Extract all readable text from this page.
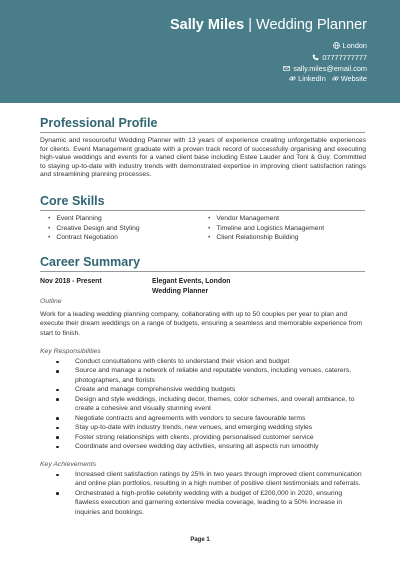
Sally Miles | Wedding Planner
London
07777777777
sally.miles@email.com
LinkedIn Website
Professional Profile
Dynamic and resourceful Wedding Planner with 13 years of experience creating unforgettable experiences for clients. Event Management graduate with a proven track record of successfully organising and executing high-value weddings and events for a varied client base including Estee Lauder and Toni & Guy. Committed to staying up-to-date with industry trends with demonstrated expertise in improving client satisfaction ratings and streamlining planning processes.
Core Skills
• Event Planning
• Creative Design and Styling
• Contract Negotiation
• Vendor Management
• Timeline and Logistics Management
• Client Relationship Building
Career Summary
Nov 2018 - Present	Elegant Events, London
Wedding Planner
Outline
Work for a leading wedding planning company, collaborating with up to 50 couples per year to plan and execute their dream weddings on a range of budgets, ensuring a seamless and memorable experience from start to finish.
Key Responsibilities
Conduct consultations with clients to understand their vision and budget
Source and manage a network of reliable and reputable vendors, including venues, caterers, photographers, and florists
Create and manage comprehensive wedding budgets
Design and style weddings, including decor, themes, color schemes, and overall ambiance, to create a cohesive and visually stunning event
Negotiate contracts and agreements with vendors to secure favourable terms
Stay up-to-date with industry trends, new venues, and emerging wedding styles
Foster strong relationships with clients, providing personalised customer service
Coordinate and oversee wedding day activities, ensuring all aspects run smoothly
Key Achievements
Increased client satisfaction ratings by 25% in two years through improved client communication and online plan portfolios, resulting in a high number of positive client testimonials and referrals.
Orchestrated a high-profile celebrity wedding with a budget of £200,000 in 2020, ensuring flawless execution and garnering extensive media coverage, leading to a 50% increase in inquiries and bookings.
Page 1
